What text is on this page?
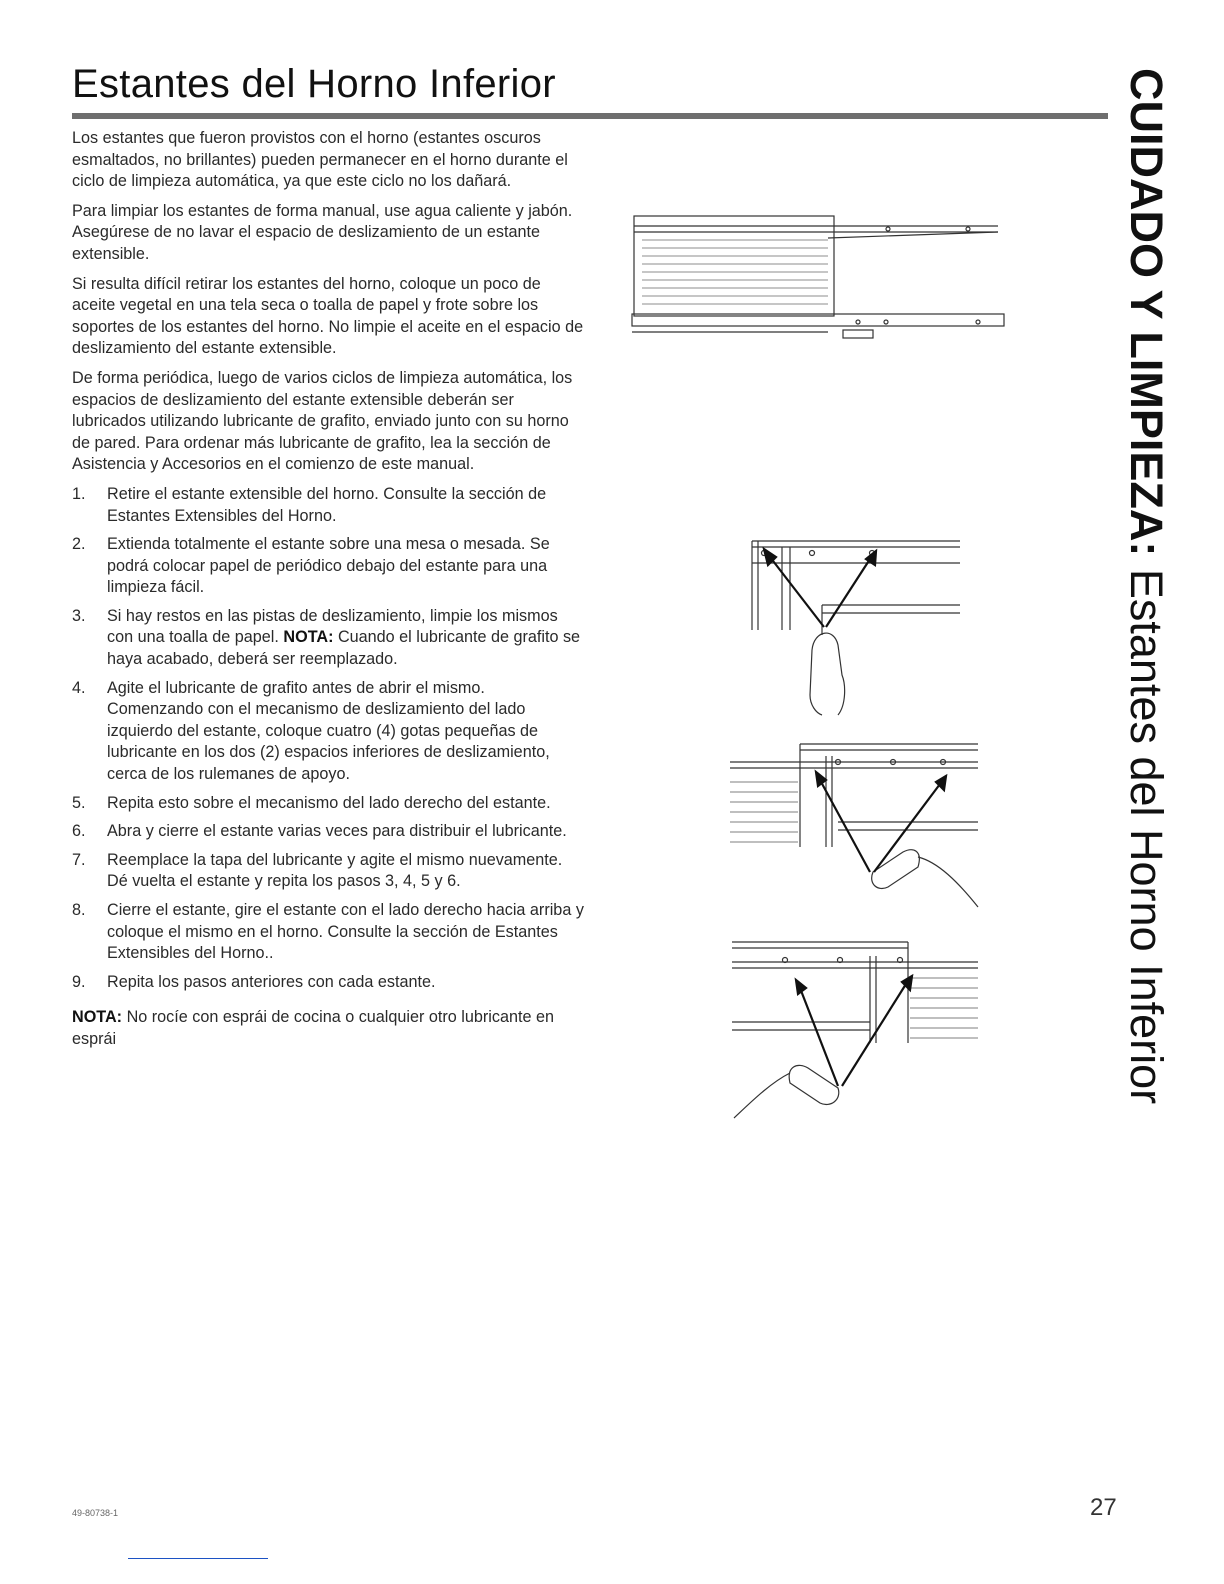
Estantes del Horno Inferior

Los estantes que fueron provistos con el horno (estantes oscuros esmaltados, no brillantes) pueden permanecer en el horno durante el ciclo de limpieza automática, ya que este ciclo no los dañará.

Para limpiar los estantes de forma manual, use agua caliente y jabón. Asegúrese de no lavar el espacio de deslizamiento de un estante extensible.

Si resulta difícil retirar los estantes del horno, coloque un poco de aceite vegetal en una tela seca o toalla de papel y frote sobre los soportes de los estantes del horno. No limpie el aceite en el espacio de deslizamiento del estante extensible.

De forma periódica, luego de varios ciclos de limpieza automática, los espacios de deslizamiento del estante extensible deberán ser lubricados utilizando lubricante de grafito, enviado junto con su horno de pared. Para ordenar más lubricante de grafito, lea la sección de Asistencia y Accesorios en el comienzo de este manual.

1. Retire el estante extensible del horno. Consulte la sección de Estantes Extensibles del Horno.
2. Extienda totalmente el estante sobre una mesa o mesada. Se podrá colocar papel de periódico debajo del estante para una limpieza fácil.
3. Si hay restos en las pistas de deslizamiento, limpie los mismos con una toalla de papel. NOTA: Cuando el lubricante de grafito se haya acabado, deberá ser reemplazado.
4. Agite el lubricante de grafito antes de abrir el mismo. Comenzando con el mecanismo de deslizamiento del lado izquierdo del estante, coloque cuatro (4) gotas pequeñas de lubricante en los dos (2) espacios inferiores de deslizamiento, cerca de los rulemanes de apoyo.
5. Repita esto sobre el mecanismo del lado derecho del estante.
6. Abra y cierre el estante varias veces para distribuir el lubricante.
7. Reemplace la tapa del lubricante y agite el mismo nuevamente. Dé vuelta el estante y repita los pasos 3, 4, 5 y 6.
8. Cierre el estante, gire el estante con el lado derecho hacia arriba y coloque el mismo en el horno. Consulte la sección de Estantes Extensibles del Horno..
9. Repita los pasos anteriores con cada estante.

NOTA: No rocíe con esprái de cocina o cualquier otro lubricante en esprái

CUIDADO Y LIMPIEZA: Estantes del Horno Inferior
49-80738-1	27
